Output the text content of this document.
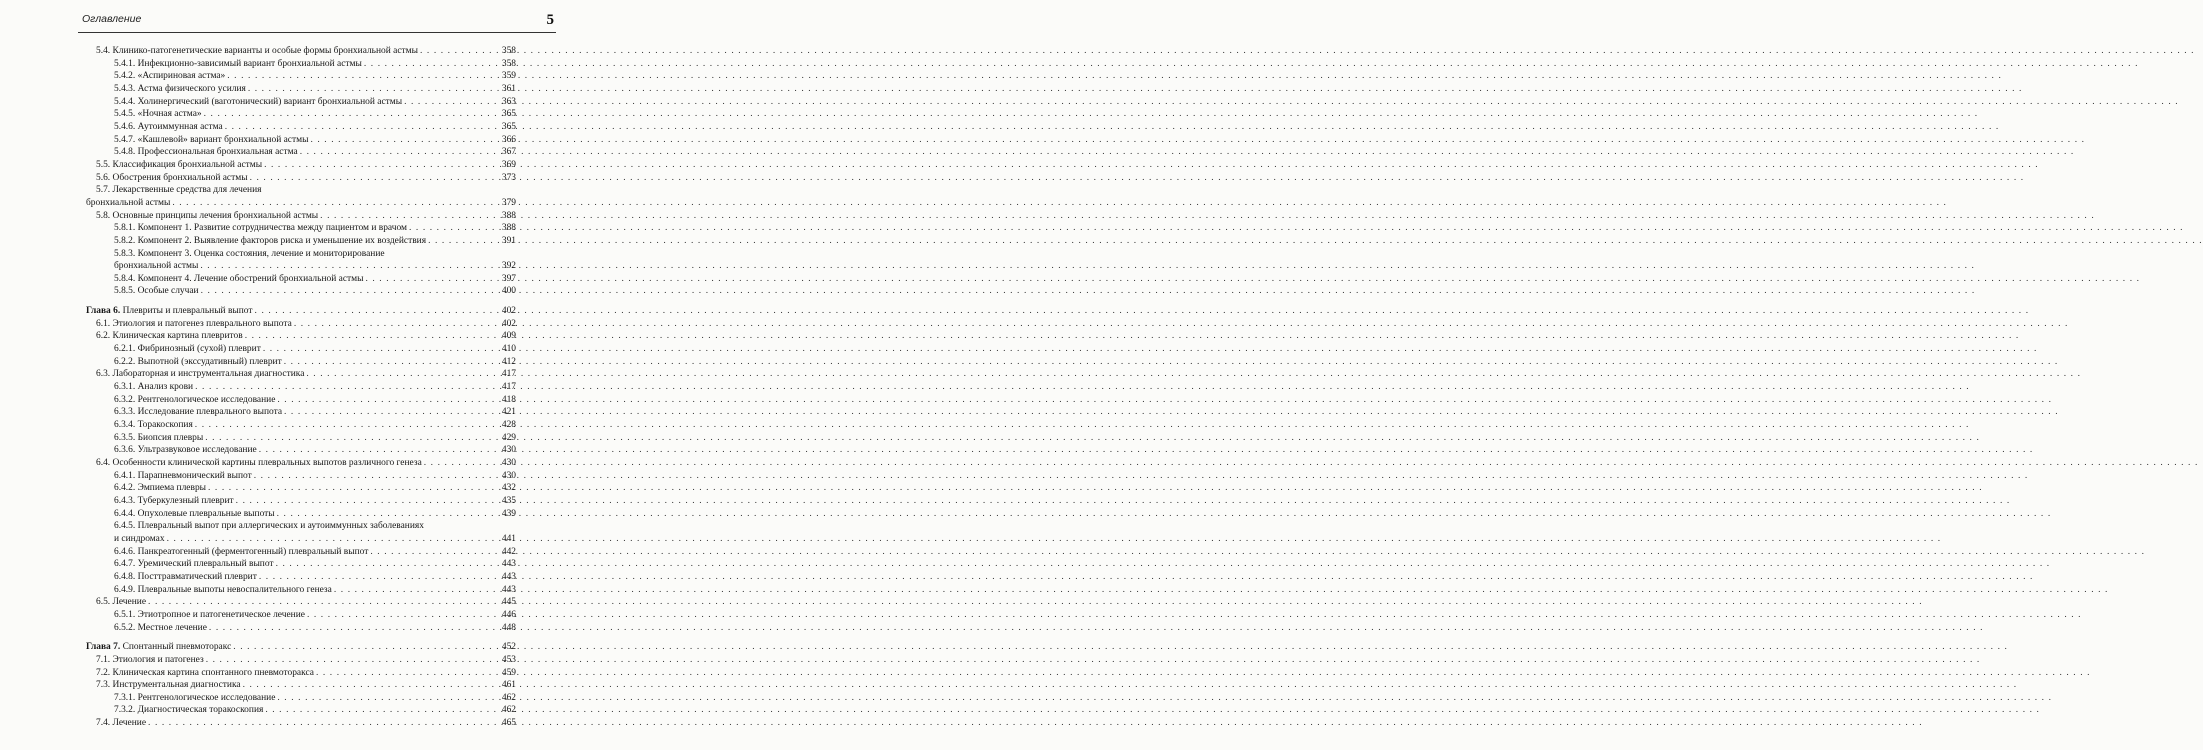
Оглавление	5
5.4. Клинико-патогенетические варианты и особые формы бронхиальной астмы . . .	358
5.4.1. Инфекционно-зависимый вариант бронхиальной астмы . . .	358
5.4.2. «Аспириновая астма» . . .	359
5.4.3. Астма физического усилия . . .	361
5.4.4. Холинергический (ваготонический) вариант бронхиальной астмы . . .	363
5.4.5. «Ночная астма» . . .	365
5.4.6. Аутоиммунная астма . . .	365
5.4.7. «Кашлевой» вариант бронхиальной астмы . . .	366
5.4.8. Профессиональная бронхиальная астма . . .	367
5.5. Классификация бронхиальной астмы . . .	369
5.6. Обострения бронхиальной астмы . . .	373
5.7. Лекарственные средства для лечения
бронхиальной астмы . . .	379
5.8. Основные принципы лечения бронхиальной астмы . . .	388
5.8.1. Компонент 1. Развитие сотрудничества между пациентом и врачом . . .	388
5.8.2. Компонент 2. Выявление факторов риска и уменьшение их воздействия . . .	391
5.8.3. Компонент 3. Оценка состояния, лечение и мониторирование
бронхиальной астмы . . .	392
5.8.4. Компонент 4. Лечение обострений бронхиальной астмы . . .	397
5.8.5. Особые случаи . . .	400
Глава 6. Плевриты и плевральный выпот . . .	402
6.1. Этиология и патогенез плеврального выпота . . .	402
6.2. Клиническая картина плевритов . . .	409
6.2.1. Фибринозный (сухой) плеврит . . .	410
6.2.2. Выпотной (экссудативный) плеврит . . .	412
6.3. Лабораторная и инструментальная диагностика . . .	417
6.3.1. Анализ крови . . .	417
6.3.2. Рентгенологическое исследование . . .	418
6.3.3. Исследование плеврального выпота . . .	421
6.3.4. Торакоскопия . . .	428
6.3.5. Биопсия плевры . . .	429
6.3.6. Ультразвуковое исследование . . .	430
6.4. Особенности клинической картины плевральных выпотов различного генеза . . .	430
6.4.1. Парапневмонический выпот . . .	430
6.4.2. Эмпиема плевры . . .	432
6.4.3. Туберкулезный плеврит . . .	435
6.4.4. Опухолевые плевральные выпоты . . .	439
6.4.5. Плевральный выпот при аллергических и аутоиммунных заболеваниях
и синдромах . . .	441
6.4.6. Панкреатогенный (ферментогенный) плевральный выпот . . .	442
6.4.7. Уремический плевральный выпот . . .	443
6.4.8. Посттравматический плеврит . . .	443
6.4.9. Плевральные выпоты невоспалительного генеза . . .	443
6.5. Лечение . . .	445
6.5.1. Этиотропное и патогенетическое лечение . . .	446
6.5.2. Местное лечение . . .	448
Глава 7. Спонтанный пневмоторакс . . .	452
7.1. Этиология и патогенез . . .	453
7.2. Клиническая картина спонтанного пневмоторакса . . .	459
7.3. Инструментальная диагностика . . .	461
7.3.1. Рентгенологическое исследование . . .	462
7.3.2. Диагностическая торакоскопия . . .	462
7.4. Лечение . . .	465
